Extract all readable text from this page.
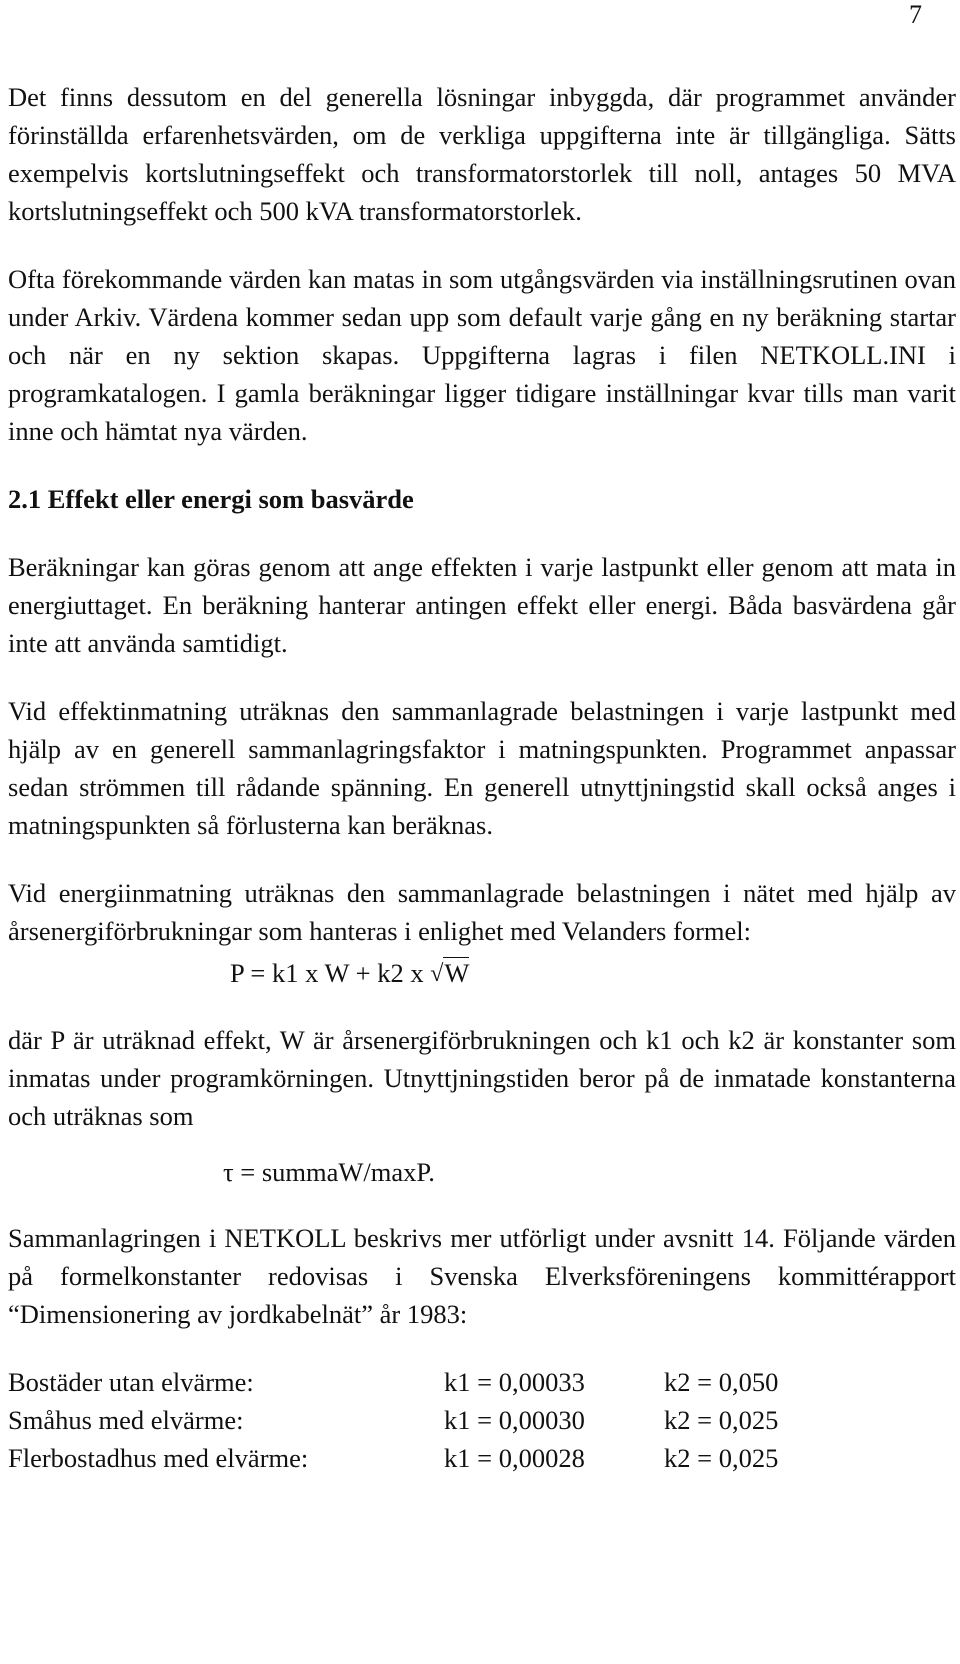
7

Det finns dessutom en del generella lösningar inbyggda, där programmet använder förinställda erfarenhetsvärden, om de verkliga uppgifterna inte är tillgängliga. Sätts exempelvis kortslutningseffekt och transformatorstorlek till noll, antages 50 MVA kortslutningseffekt och 500 kVA transformatorstorlek.

Ofta förekommande värden kan matas in som utgångsvärden via inställningsrutinen ovan under Arkiv. Värdena kommer sedan upp som default varje gång en ny beräkning startar och när en ny sektion skapas. Uppgifterna lagras i filen NETKOLL.INI i programkatalogen. I gamla beräkningar ligger tidigare inställningar kvar tills man varit inne och hämtat nya värden.

2.1 Effekt eller energi som basvärde

Beräkningar kan göras genom att ange effekten i varje lastpunkt eller genom att mata in energiuttaget. En beräkning hanterar antingen effekt eller energi. Båda basvärdena går inte att använda samtidigt.

Vid effektinmatning uträknas den sammanlagrade belastningen i varje lastpunkt med hjälp av en generell sammanlagringsfaktor i matningspunkten. Programmet anpassar sedan strömmen till rådande spänning. En generell utnyttjningstid skall också anges i matningspunkten så förlusterna kan beräknas.

Vid energiinmatning uträknas den sammanlagrade belastningen i nätet med hjälp av årsenergiförbrukningar som hanteras i enlighet med Velanders formel:

P = k1 x W + k2 x √W

där P är uträknad effekt, W är årsenergiförbrukningen och k1 och k2 är konstanter som inmatas under programkörningen. Utnyttjningstiden beror på de inmatade konstanterna och uträknas som

τ = summaW/maxP.

Sammanlagringen i NETKOLL beskrivs mer utförligt under avsnitt 14. Följande värden på formelkonstanter redovisas i Svenska Elverksföreningens kommittérapport “Dimensionering av jordkabelnät” år 1983:

Bostäder utan elvärme:	k1 = 0,00033	k2 = 0,050
Småhus med elvärme:	k1 = 0,00030	k2 = 0,025
Flerbostadhus med elvärme:	k1 = 0,00028	k2 = 0,025
